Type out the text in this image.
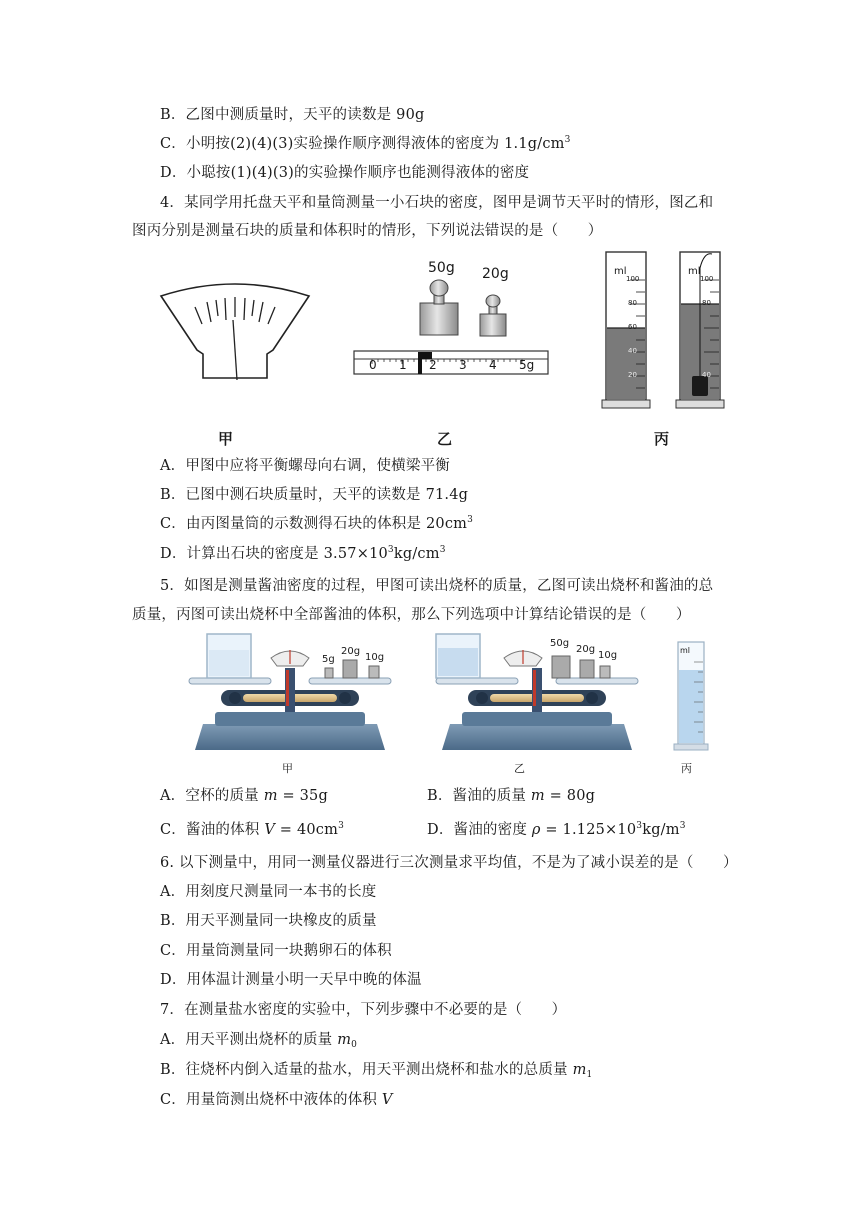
B．乙图中测质量时，天平的读数是 90g
C．小明按(2)(4)(3)实验操作顺序测得液体的密度为 $1.1g/cm^3$
D．小聪按(1)(4)(3)的实验操作顺序也能测得液体的密度
4．某同学用托盘天平和量筒测量一小石块的密度，图甲是调节天平时的情形，图乙和
图丙分别是测量石块的质量和体积时的情形，下列说法错误的是（　　）
50g 20g
0 1 2 3 4 5g
ml
100
80
60
40
20
ml
100
80
40
甲	乙	丙
A．甲图中应将平衡螺母向右调，使横梁平衡
B．已图中测石块质量时，天平的读数是 71.4g
C．由丙图量筒的示数测得石块的体积是 $20cm^3$
D．计算出石块的密度是 $3.57\times 10^3kg/cm^3$
5．如图是测量酱油密度的过程，甲图可读出烧杯的质量，乙图可读出烧杯和酱油的总
质量，丙图可读出烧杯中全部酱油的体积，那么下列选项中计算结论错误的是（　　）
5g
20g
10g
50g
20g
10g	ml
甲	乙	丙
A．空杯的质量 m = 35g	B．酱油的质量 m = 80g
C．酱油的体积 $V = 40cm^3$	D．酱油的密度 $\rho = 1.125\times 10^3kg/m^3$
6. 以下测量中，用同一测量仪器进行三次测量求平均值，不是为了减小误差的是（　　）
A．用刻度尺测量同一本书的长度
B．用天平测量同一块橡皮的质量
C．用量筒测量同一块鹅卵石的体积
D．用体温计测量小明一天早中晚的体温
7．在测量盐水密度的实验中，下列步骤中不必要的是（　　）
A．用天平测出烧杯的质量 $m_0$
B．往烧杯内倒入适量的盐水，用天平测出烧杯和盐水的总质量 $m_1$
C．用量筒测出烧杯中液体的体积 V
